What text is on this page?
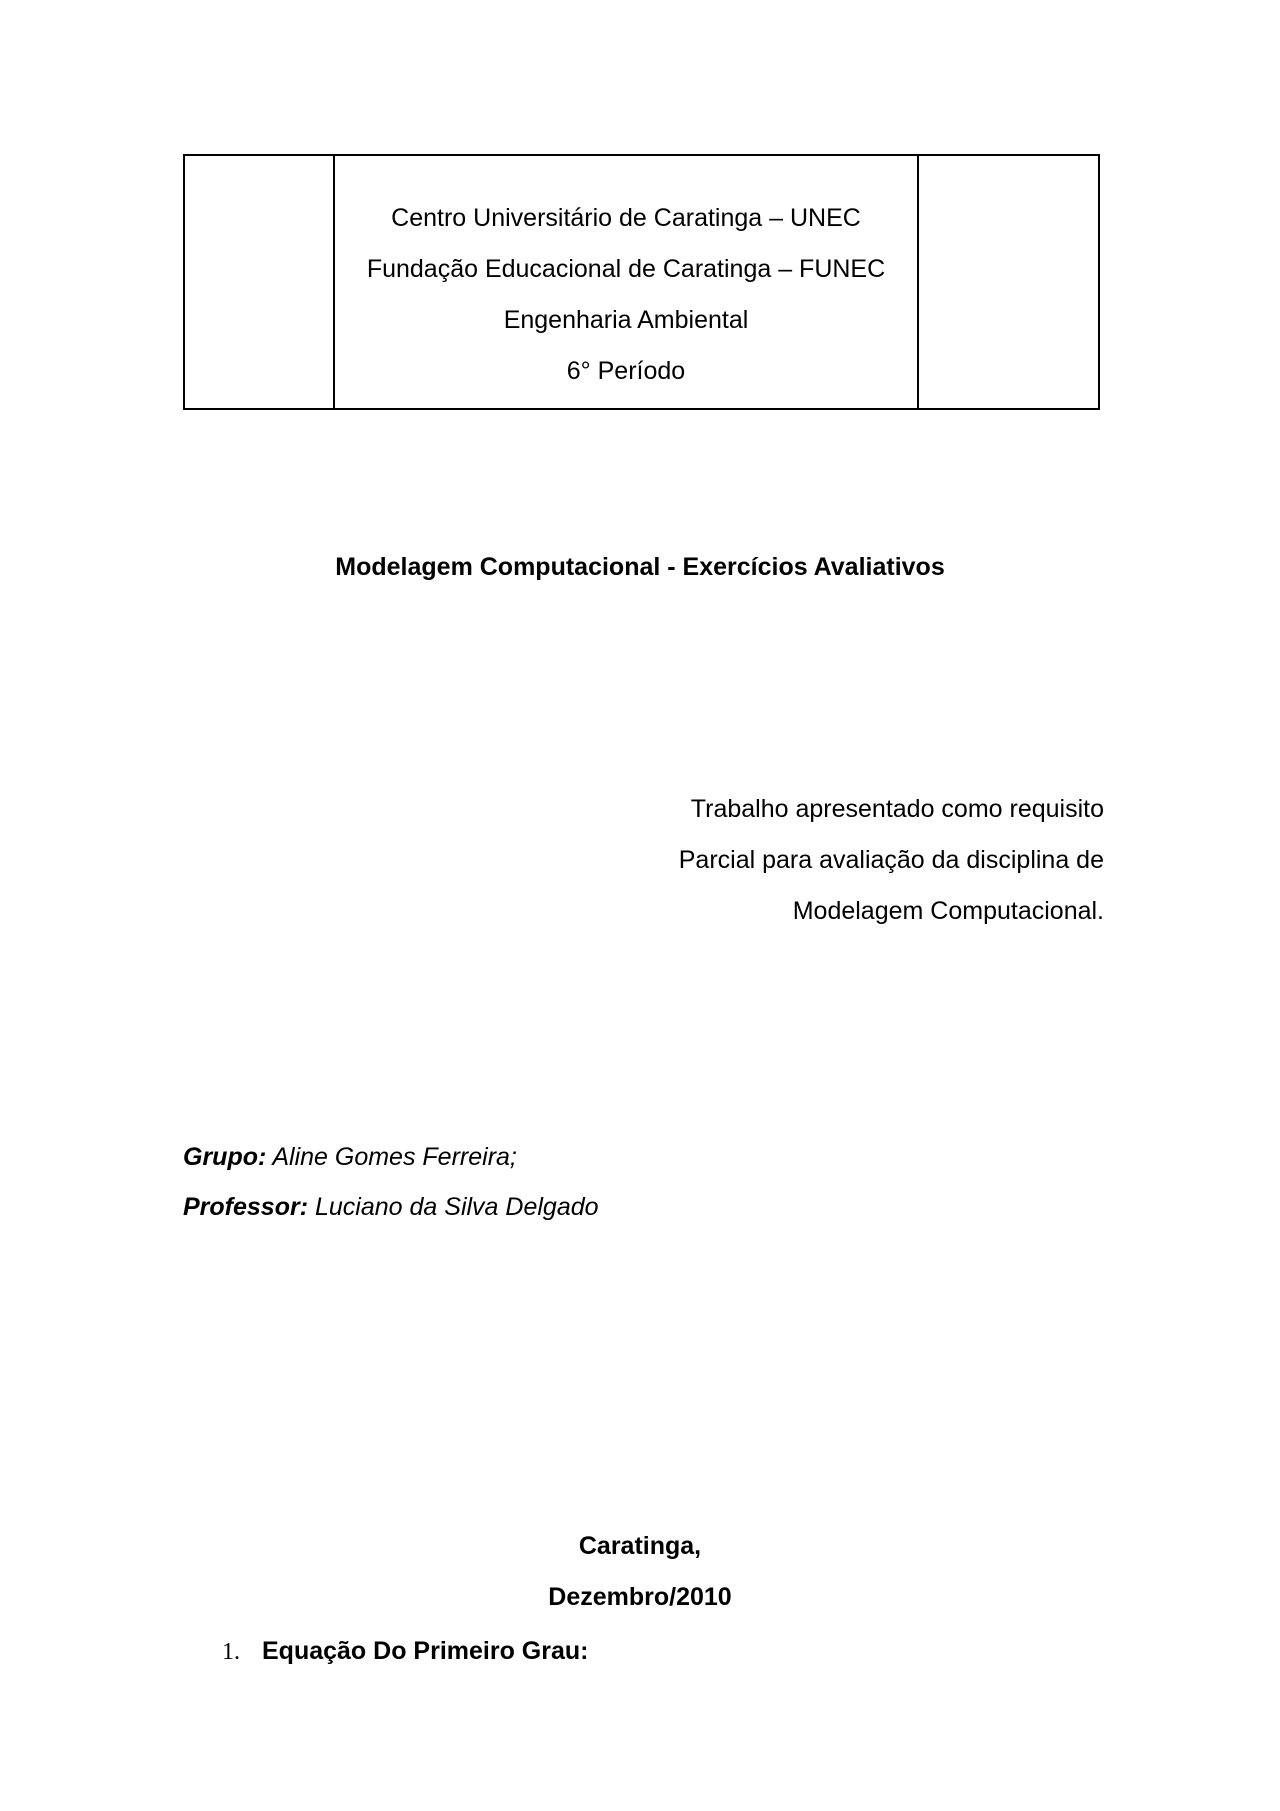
Centro Universitário de Caratinga – UNEC
Fundação Educacional de Caratinga – FUNEC
Engenharia Ambiental
6° Período

Modelagem Computacional - Exercícios Avaliativos
Trabalho apresentado como requisito
Parcial para avaliação da disciplina de
Modelagem Computacional.
Grupo: Aline Gomes Ferreira;
Professor: Luciano da Silva Delgado
Caratinga,
Dezembro/2010
1. Equação Do Primeiro Grau:
